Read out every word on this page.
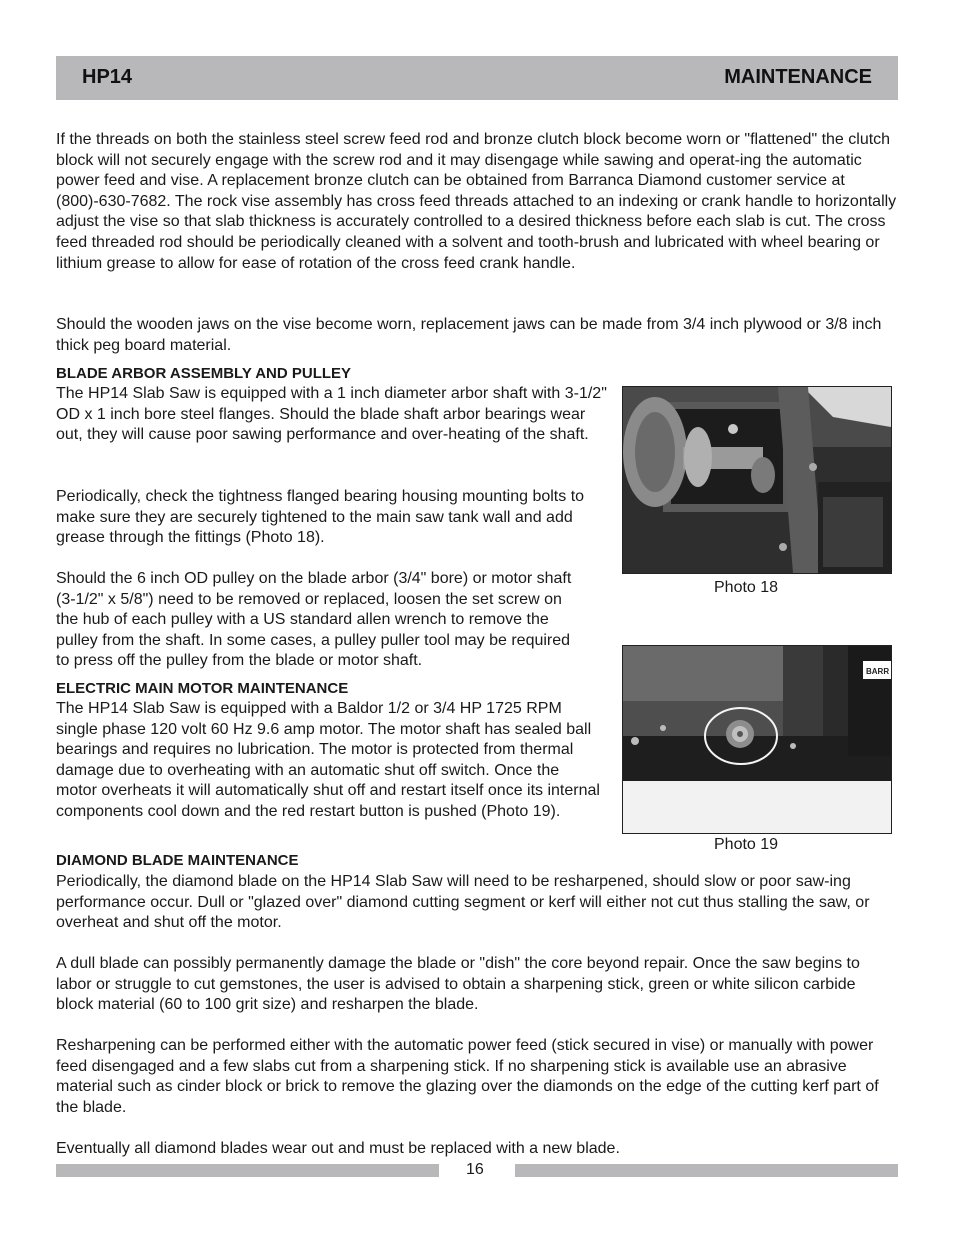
HP14	MAINTENANCE

If the threads on both the stainless steel screw feed rod and bronze clutch block become worn or "flattened" the clutch block will not securely engage with the screw rod and it may disengage while sawing and operat-ing the automatic power feed and vise. A replacement bronze clutch can be obtained from Barranca Diamond customer service at (800)-630-7682. The rock vise assembly has cross feed threads attached to an indexing or crank handle to horizontally adjust the vise so that slab thickness is accurately controlled to a desired thickness before each slab is cut. The cross feed threaded rod should be periodically cleaned with a solvent and tooth-brush and lubricated with wheel bearing or lithium grease to allow for ease of rotation of the cross feed crank handle.

Should the wooden jaws on the vise become worn, replacement jaws can be made from 3/4 inch plywood or 3/8 inch thick peg board material.

BLADE ARBOR ASSEMBLY AND PULLEY

The HP14 Slab Saw is equipped with a 1 inch diameter arbor shaft with 3-1/2" OD x 1 inch bore steel flanges. Should the blade shaft arbor bearings wear out, they will cause poor sawing performance and over-heating of the shaft.

Periodically, check the tightness flanged bearing housing mounting bolts to make sure they are securely tightened to the main saw tank wall and add grease through the fittings (Photo 18).

Should the 6 inch OD pulley on the blade arbor (3/4" bore) or motor shaft (3-1/2" x 5/8") need to be removed or replaced, loosen the set screw on the hub of each pulley with a US standard allen wrench to remove the pulley from the shaft. In some cases, a pulley puller tool may be required to press off the pulley from the blade or motor shaft.

ELECTRIC MAIN MOTOR MAINTENANCE

The HP14 Slab Saw is equipped with a Baldor 1/2 or 3/4 HP 1725 RPM single phase 120 volt 60 Hz 9.6 amp motor. The motor shaft has sealed ball bearings and requires no lubrication. The motor is protected from thermal damage due to overheating with an automatic shut off switch. Once the motor overheats it will automatically shut off and restart itself once its internal components cool down and the red restart button is pushed (Photo 19).

DIAMOND BLADE MAINTENANCE

Periodically, the diamond blade on the HP14 Slab Saw will need to be resharpened, should slow or poor saw-ing performance occur. Dull or "glazed over" diamond cutting segment or kerf will either not cut thus stalling the saw, or overheat and shut off the motor.

A dull blade can possibly permanently damage the blade or "dish" the core beyond repair. Once the saw begins to labor or struggle to cut gemstones, the user is advised to obtain a sharpening stick, green or white silicon carbide block material (60 to 100 grit size) and resharpen the blade.

Resharpening can be performed either with the automatic power feed (stick secured in vise) or manually with power feed disengaged and a few slabs cut from a sharpening stick. If no sharpening stick is available use an abrasive material such as cinder block or brick to remove the glazing over the diamonds on the edge of the cutting kerf part of the blade.

Eventually all diamond blades wear out and must be replaced with a new blade.

Photo 18
BARR
Photo 19
16
